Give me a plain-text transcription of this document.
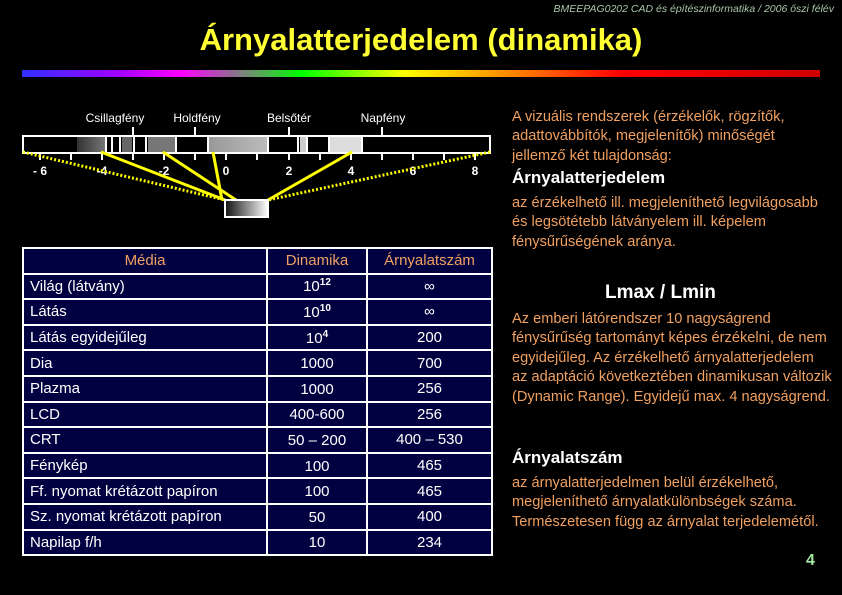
BMEEPAG0202 CAD és építészinformatika / 2006 őszi félév
Árnyalatterjedelem (dinamika)
Csillagfény Holdfény	Belsőtér	Napfény
- 6	-2	0	2	4	6	8
Média	Dinamika	Árnyalatszám
Világ (látvány)	$10^{12}$	∞
Látás	$10^{10}$	∞
Látás egyidejűleg	$10^4$	200
Dia	1000	700
Plazma	1000	256
LCD	400-600	256
CRT	50 – 200	400 – 530
Fénykép	100	465
Ff. nyomat krétázott papíron	100	465
Sz. nyomat krétázott papíron	50	400
Napilap f/h	10	234
A vizuális rendszerek (érzékelők, rögzítők, adattovábbítók, megjelenítők) minőségét jellemző két tulajdonság:
Árnyalatterjedelem
az érzékelhető ill. megjeleníthető legvilágosabb és legsötétebb látványelem ill. képelem fénysűrűségének aránya.
Lmax / Lmin
Az emberi látórendszer 10 nagyságrend fénysűrűség tartományt képes érzékelni, de nem egyidejűleg. Az érzékelhető árnyalatterjedelem az adaptáció következtében dinamikusan változik (Dynamic Range). Egyidejű max. 4 nagyságrend.
Árnyalatszám
az árnyalatterjedelmen belül érzékelhető, megjeleníthető árnyalatkülönbségek száma. Természetesen függ az árnyalat terjedelemétől.
4
